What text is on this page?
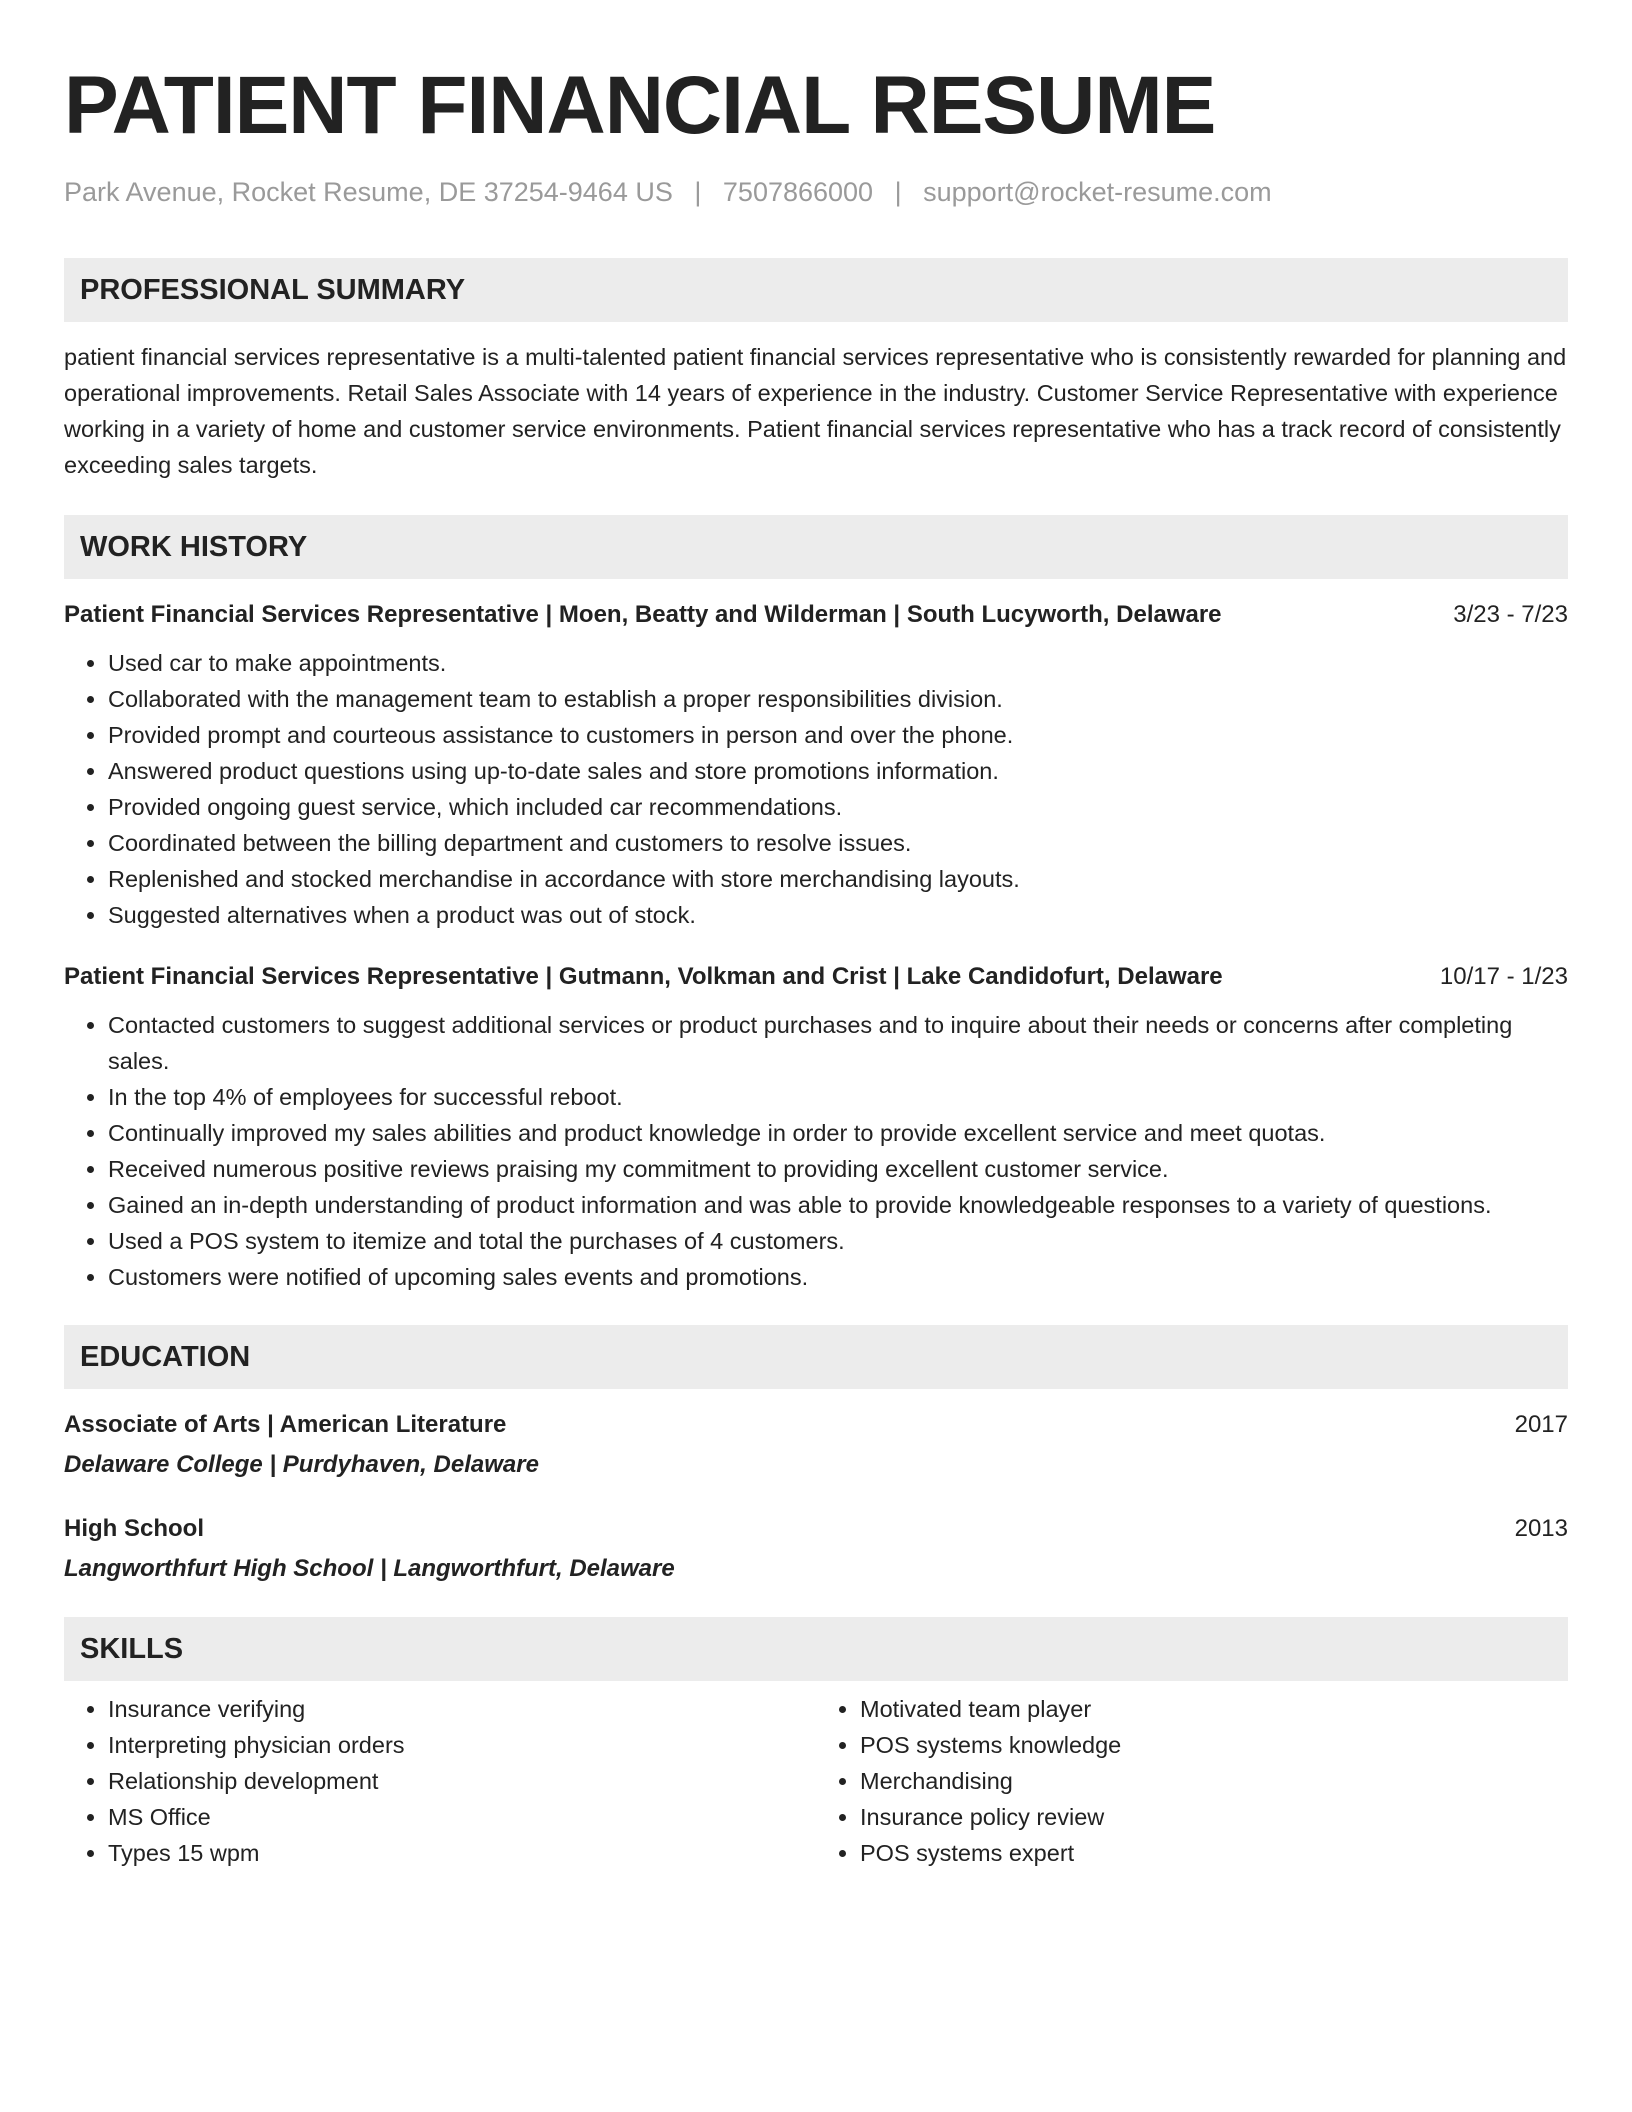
PATIENT FINANCIAL RESUME
Park Avenue, Rocket Resume, DE 37254-9464 US | 7507866000 | support@rocket-resume.com
PROFESSIONAL SUMMARY
patient financial services representative is a multi-talented patient financial services representative who is consistently rewarded for planning and operational improvements. Retail Sales Associate with 14 years of experience in the industry. Customer Service Representative with experience working in a variety of home and customer service environments. Patient financial services representative who has a track record of consistently exceeding sales targets.
WORK HISTORY
Patient Financial Services Representative | Moen, Beatty and Wilderman | South Lucyworth, Delaware	3/23 - 7/23
• Used car to make appointments.
• Collaborated with the management team to establish a proper responsibilities division.
• Provided prompt and courteous assistance to customers in person and over the phone.
• Answered product questions using up-to-date sales and store promotions information.
• Provided ongoing guest service, which included car recommendations.
• Coordinated between the billing department and customers to resolve issues.
• Replenished and stocked merchandise in accordance with store merchandising layouts.
• Suggested alternatives when a product was out of stock.
Patient Financial Services Representative | Gutmann, Volkman and Crist | Lake Candidofurt, Delaware	10/17 - 1/23
• Contacted customers to suggest additional services or product purchases and to inquire about their needs or concerns after completing sales.
• In the top 4% of employees for successful reboot.
• Continually improved my sales abilities and product knowledge in order to provide excellent service and meet quotas.
• Received numerous positive reviews praising my commitment to providing excellent customer service.
• Gained an in-depth understanding of product information and was able to provide knowledgeable responses to a variety of questions.
• Used a POS system to itemize and total the purchases of 4 customers.
• Customers were notified of upcoming sales events and promotions.
EDUCATION
Associate of Arts | American Literature	2017
Delaware College | Purdyhaven, Delaware
High School	2013
Langworthfurt High School | Langworthfurt, Delaware
SKILLS
• Insurance verifying
• Interpreting physician orders
• Relationship development
• MS Office
• Types 15 wpm
• Motivated team player
• POS systems knowledge
• Merchandising
• Insurance policy review
• POS systems expert
